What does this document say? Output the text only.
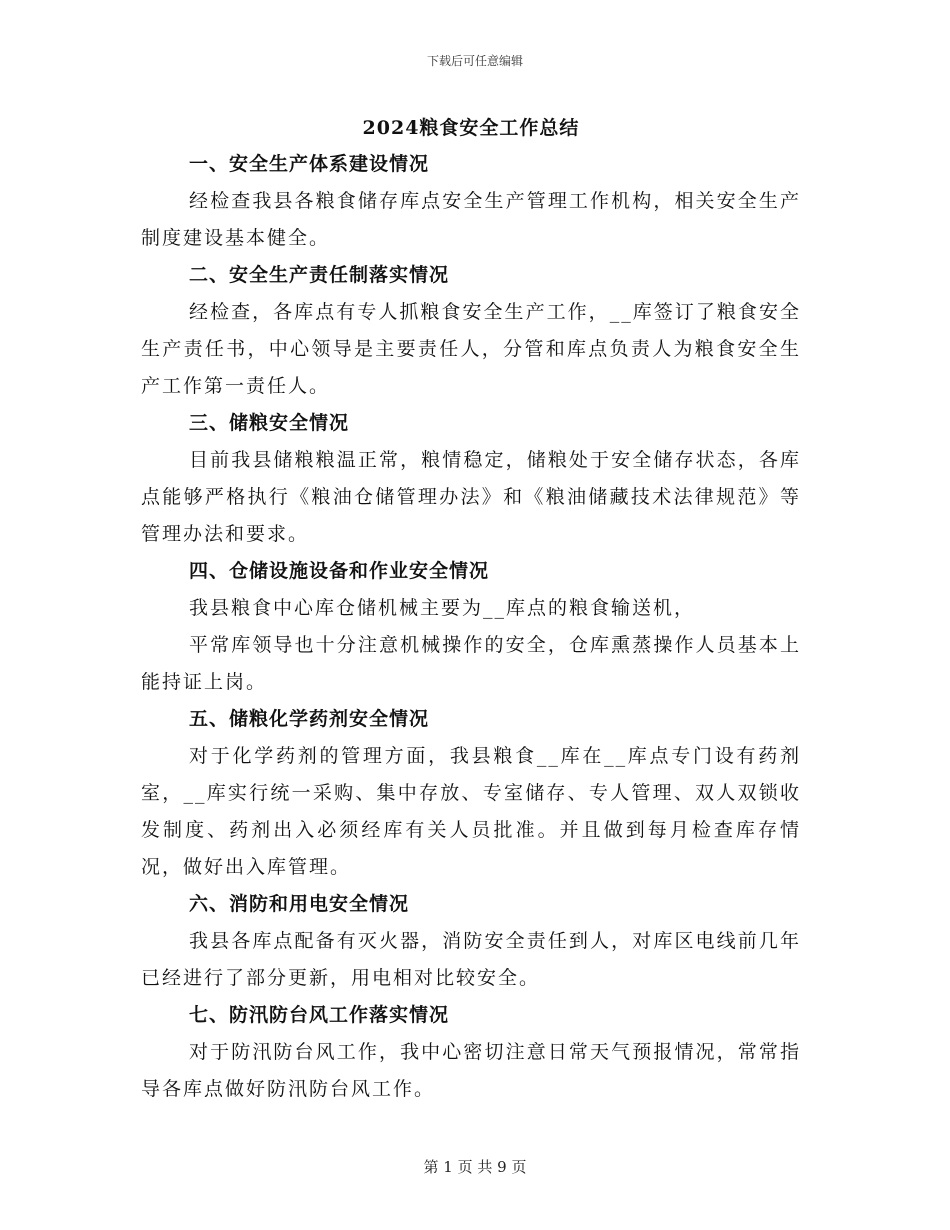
下载后可任意编辑
2024粮食安全工作总结
一、安全生产体系建设情况

经检查我县各粮食储存库点安全生产管理工作机构，相关安全生产制度建设基本健全。

二、安全生产责任制落实情况

经检查，各库点有专人抓粮食安全生产工作，__库签订了粮食安全生产责任书，中心领导是主要责任人，分管和库点负责人为粮食安全生产工作第一责任人。

三、储粮安全情况

目前我县储粮粮温正常，粮情稳定，储粮处于安全储存状态，各库点能够严格执行《粮油仓储管理办法》和《粮油储藏技术法律规范》等管理办法和要求。

四、仓储设施设备和作业安全情况

我县粮食中心库仓储机械主要为__库点的粮食输送机，

平常库领导也十分注意机械操作的安全，仓库熏蒸操作人员基本上能持证上岗。

五、储粮化学药剂安全情况

对于化学药剂的管理方面，我县粮食__库在__库点专门设有药剂室，__库实行统一采购、集中存放、专室储存、专人管理、双人双锁收发制度、药剂出入必须经库有关人员批准。并且做到每月检查库存情况，做好出入库管理。

六、消防和用电安全情况

我县各库点配备有灭火器，消防安全责任到人，对库区电线前几年已经进行了部分更新，用电相对比较安全。

七、防汛防台风工作落实情况

对于防汛防台风工作，我中心密切注意日常天气预报情况，常常指导各库点做好防汛防台风工作。

第 1 页 共 9 页
